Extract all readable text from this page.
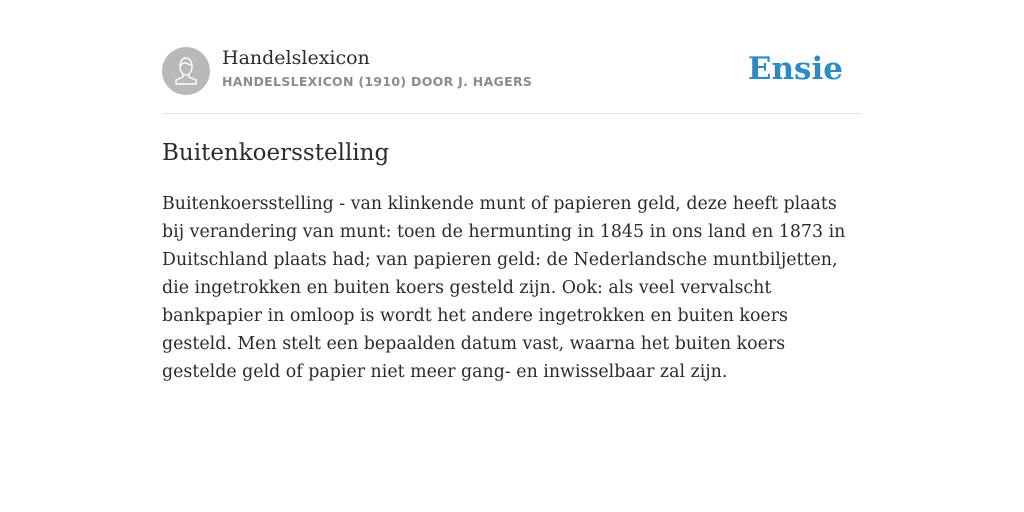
Handelslexicon
HANDELSLEXICON (1910) DOOR J. HAGERS	Ensie
Buitenkoersstelling

Buitenkoersstelling - van klinkende munt of papieren geld, deze heeft plaats bij verandering van munt: toen de hermunting in 1845 in ons land en 1873 in Duitschland plaats had; van papieren geld: de Nederlandsche muntbiljetten, die ingetrokken en buiten koers gesteld zijn. Ook: als veel vervalscht bankpapier in omloop is wordt het andere ingetrokken en buiten koers gesteld. Men stelt een bepaalden datum vast, waarna het buiten koers gestelde geld of papier niet meer gang- en inwisselbaar zal zijn.
